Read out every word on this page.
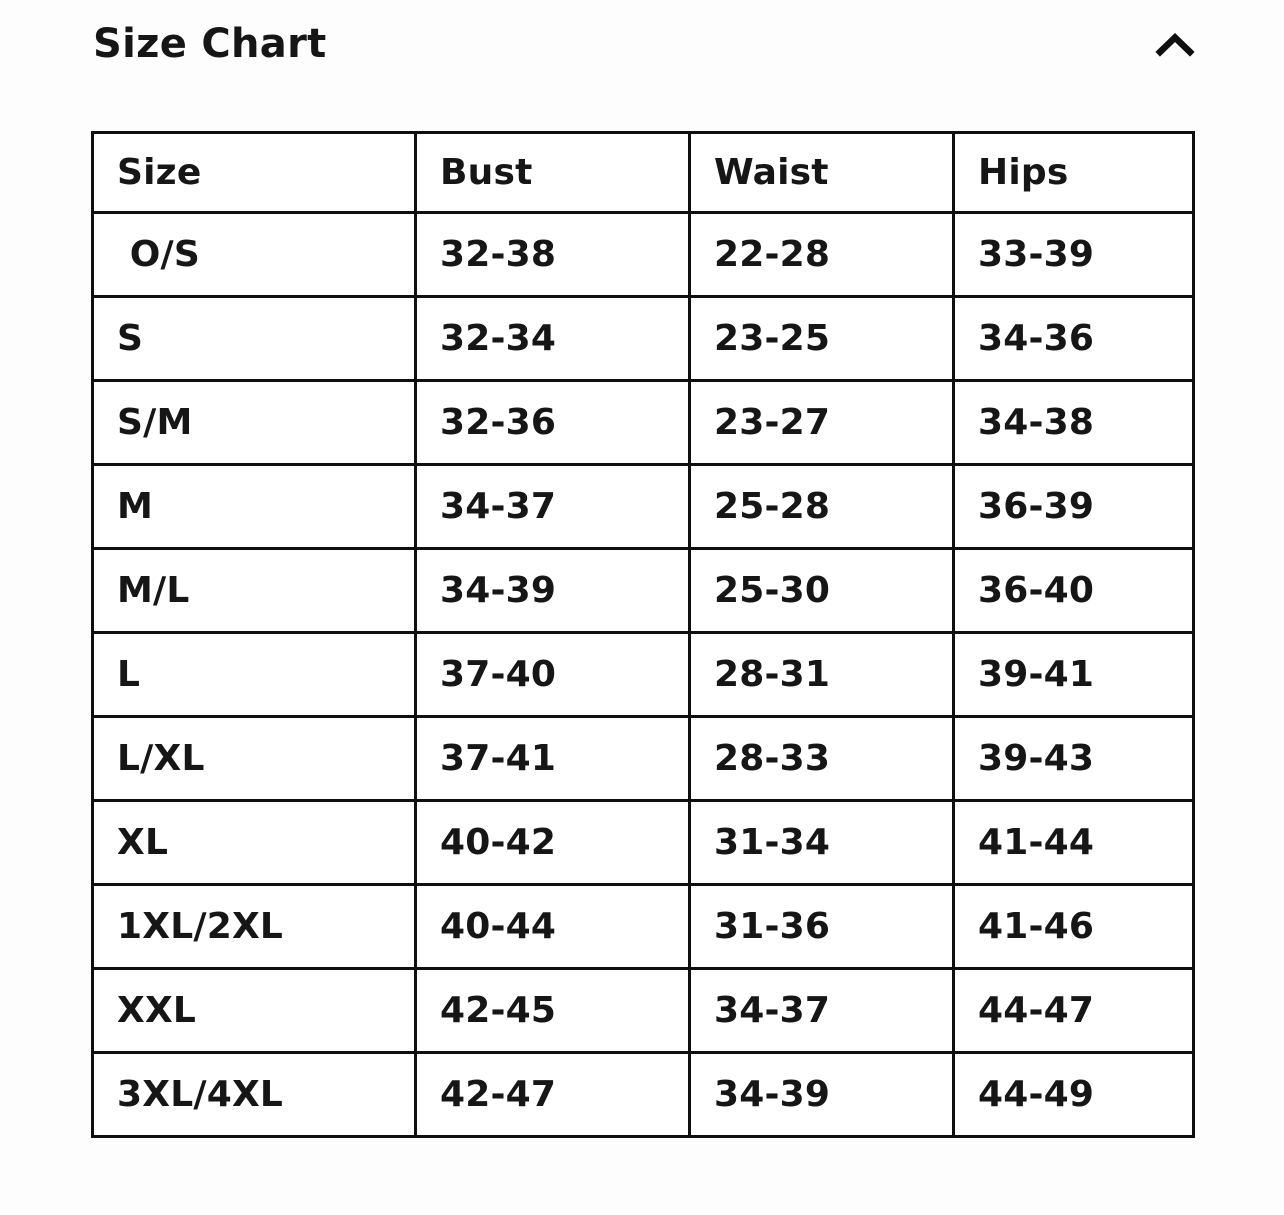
Size Chart
Size	Bust	Waist	Hips
O/S	32-38	22-28	33-39
S	32-34	23-25	34-36
S/M	32-36	23-27	34-38
M	34-37	25-28	36-39
M/L	34-39	25-30	36-40
L	37-40	28-31	39-41
L/XL	37-41	28-33	39-43
XL	40-42	31-34	41-44
1XL/2XL	40-44	31-36	41-46
XXL	42-45	34-37	44-47
3XL/4XL	42-47	34-39	44-49
